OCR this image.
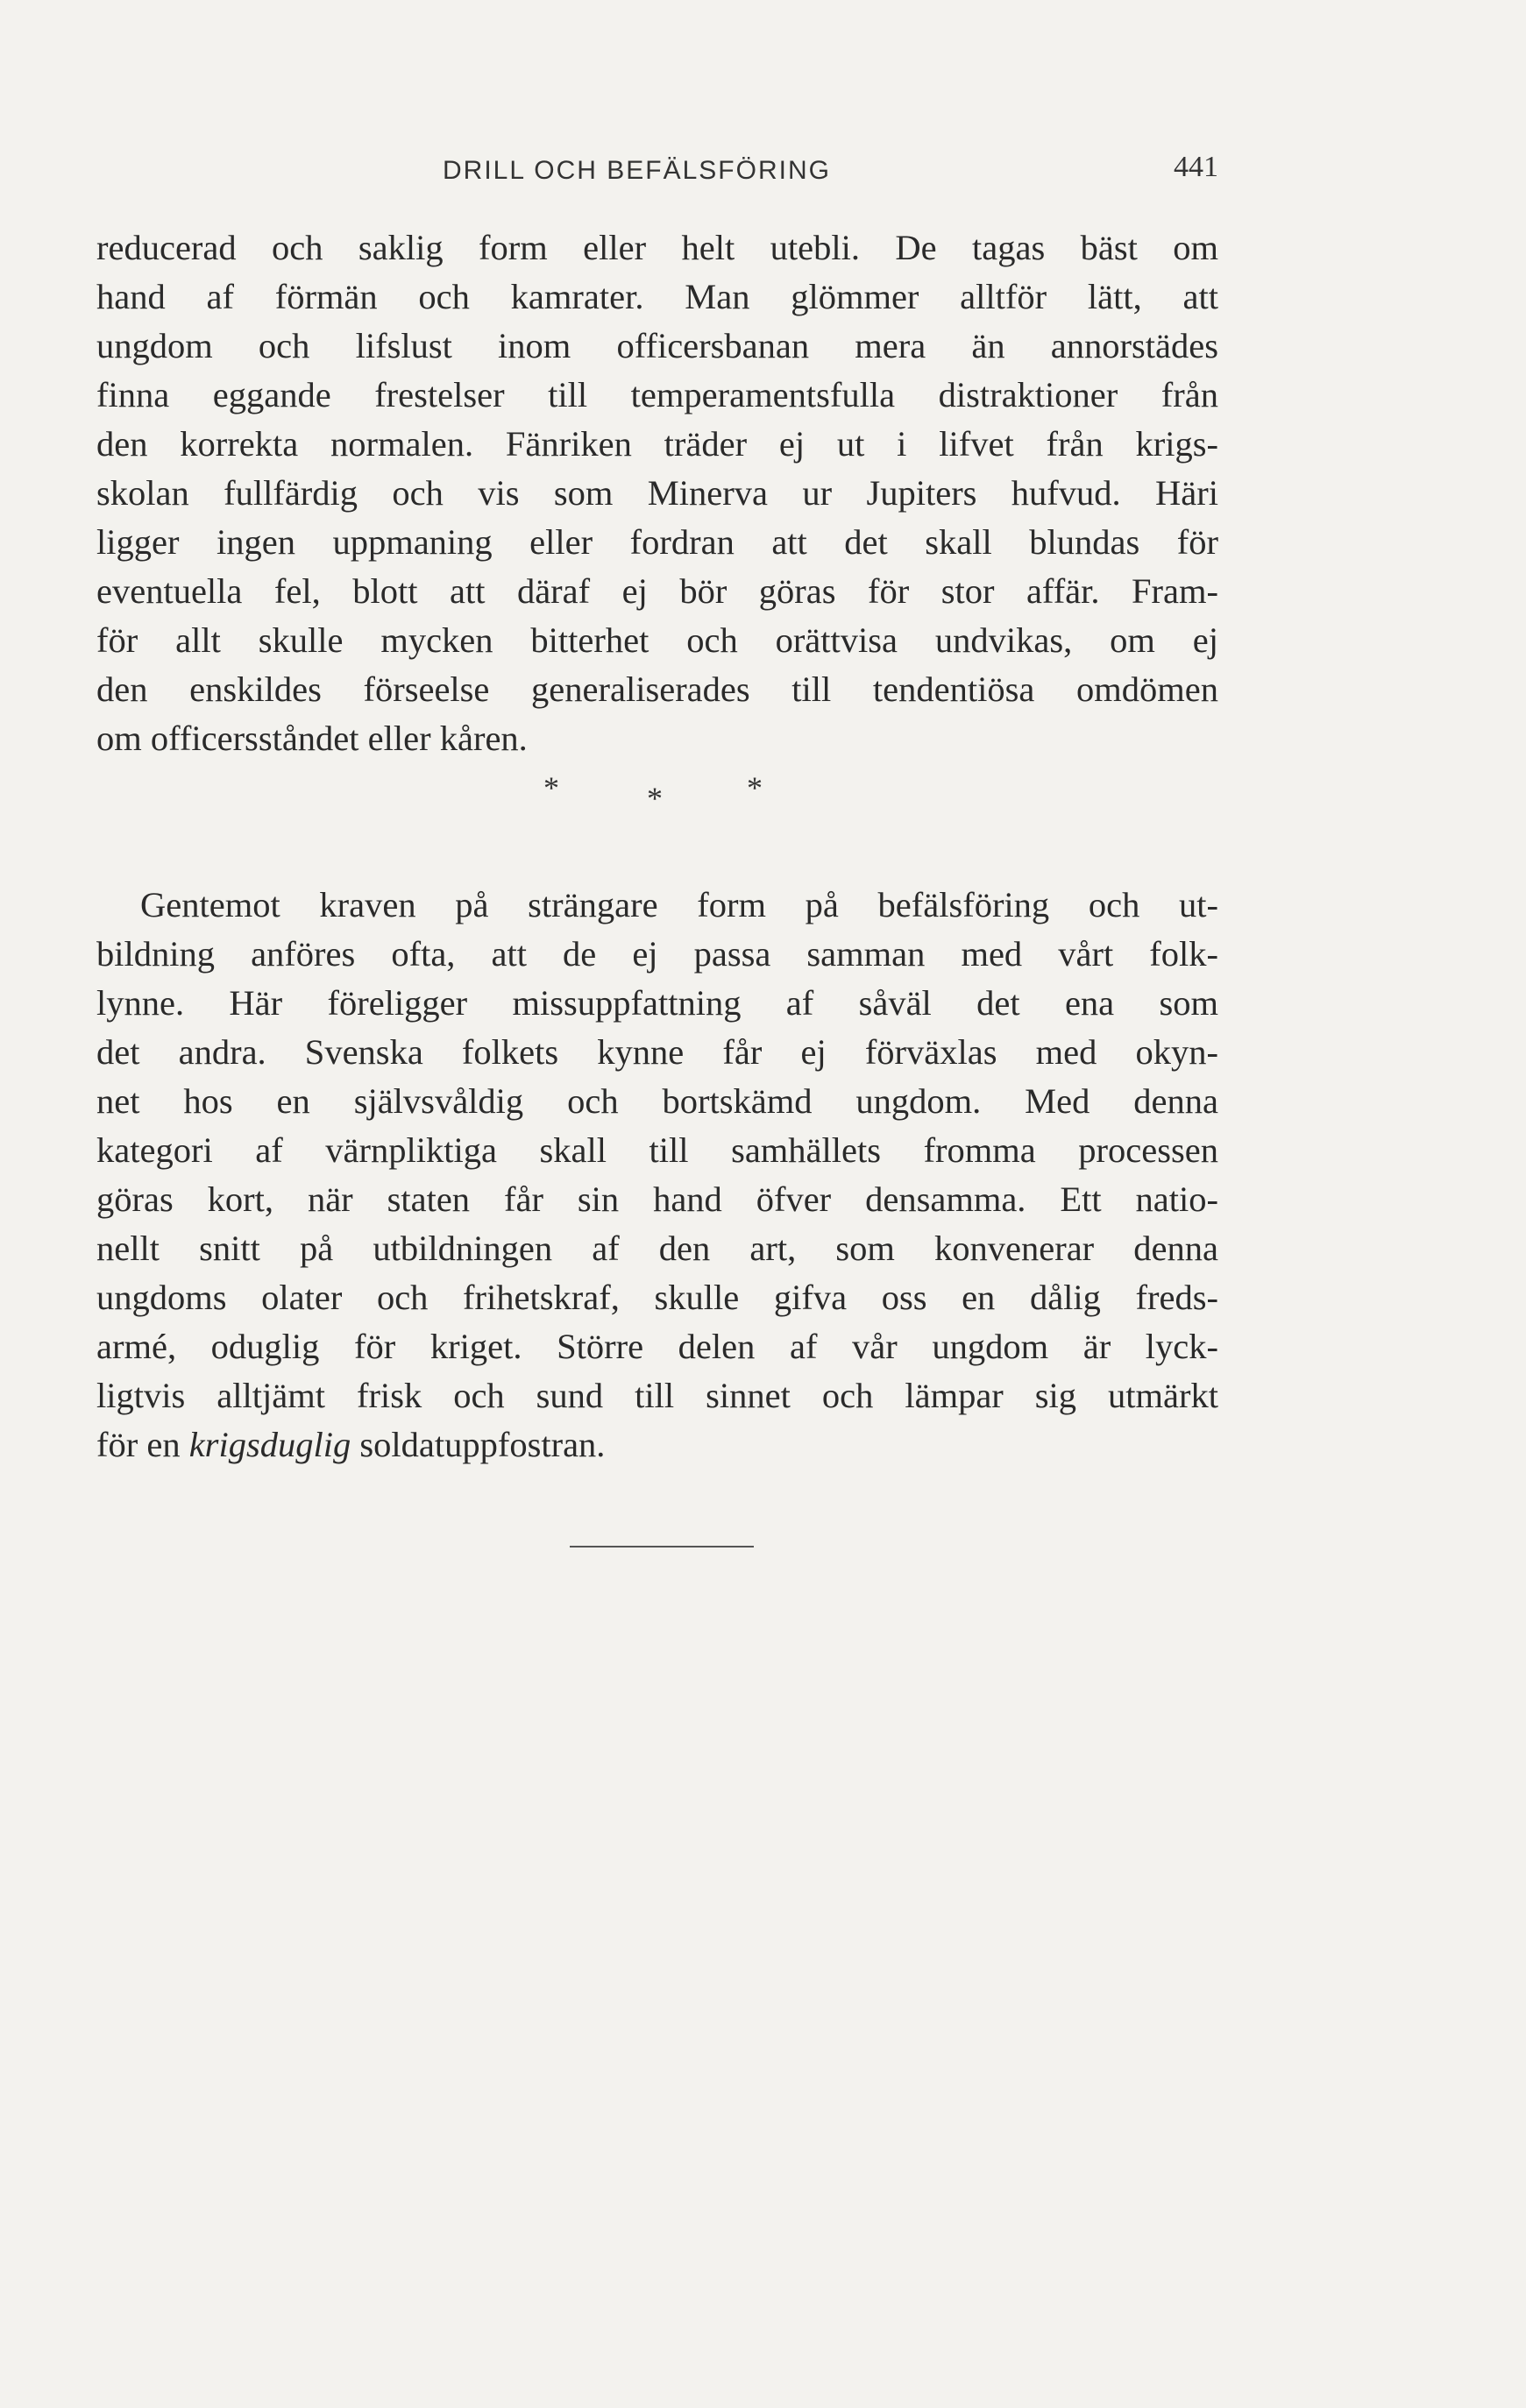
DRILL OCH BEFÄLSFÖRING	441
reducerad och saklig form eller helt utebli. De tagas bäst om
hand af förmän och kamrater. Man glömmer alltför lätt, att
ungdom och lifslust inom officersbanan mera än annorstädes
finna eggande frestelser till temperamentsfulla distraktioner från
den korrekta normalen. Fänriken träder ej ut i lifvet från krigs-
skolan fullfärdig och vis som Minerva ur Jupiters hufvud. Häri
ligger ingen uppmaning eller fordran att det skall blundas för
eventuella fel, blott att däraf ej bör göras för stor affär. Fram-
för allt skulle mycken bitterhet och orättvisa undvikas, om ej
den enskildes förseelse generaliserades till tendentiösa omdömen
om officersståndet eller kåren.
*	*	*
Gentemot kraven på strängare form på befälsföring och ut-
bildning anföres ofta, att de ej passa samman med vårt folk-
lynne. Här föreligger missuppfattning af såväl det ena som
det andra. Svenska folkets kynne får ej förväxlas med okyn-
net hos en självsvåldig och bortskämd ungdom. Med denna
kategori af värnpliktiga skall till samhällets fromma processen
göras kort, när staten får sin hand öfver densamma. Ett natio-
nellt snitt på utbildningen af den art, som konvenerar denna
ungdoms olater och frihetskraf, skulle gifva oss en dålig freds-
armé, oduglig för kriget. Större delen af vår ungdom är lyck-
ligtvis alltjämt frisk och sund till sinnet och lämpar sig utmärkt
för en krigsduglig soldatuppfostran.
